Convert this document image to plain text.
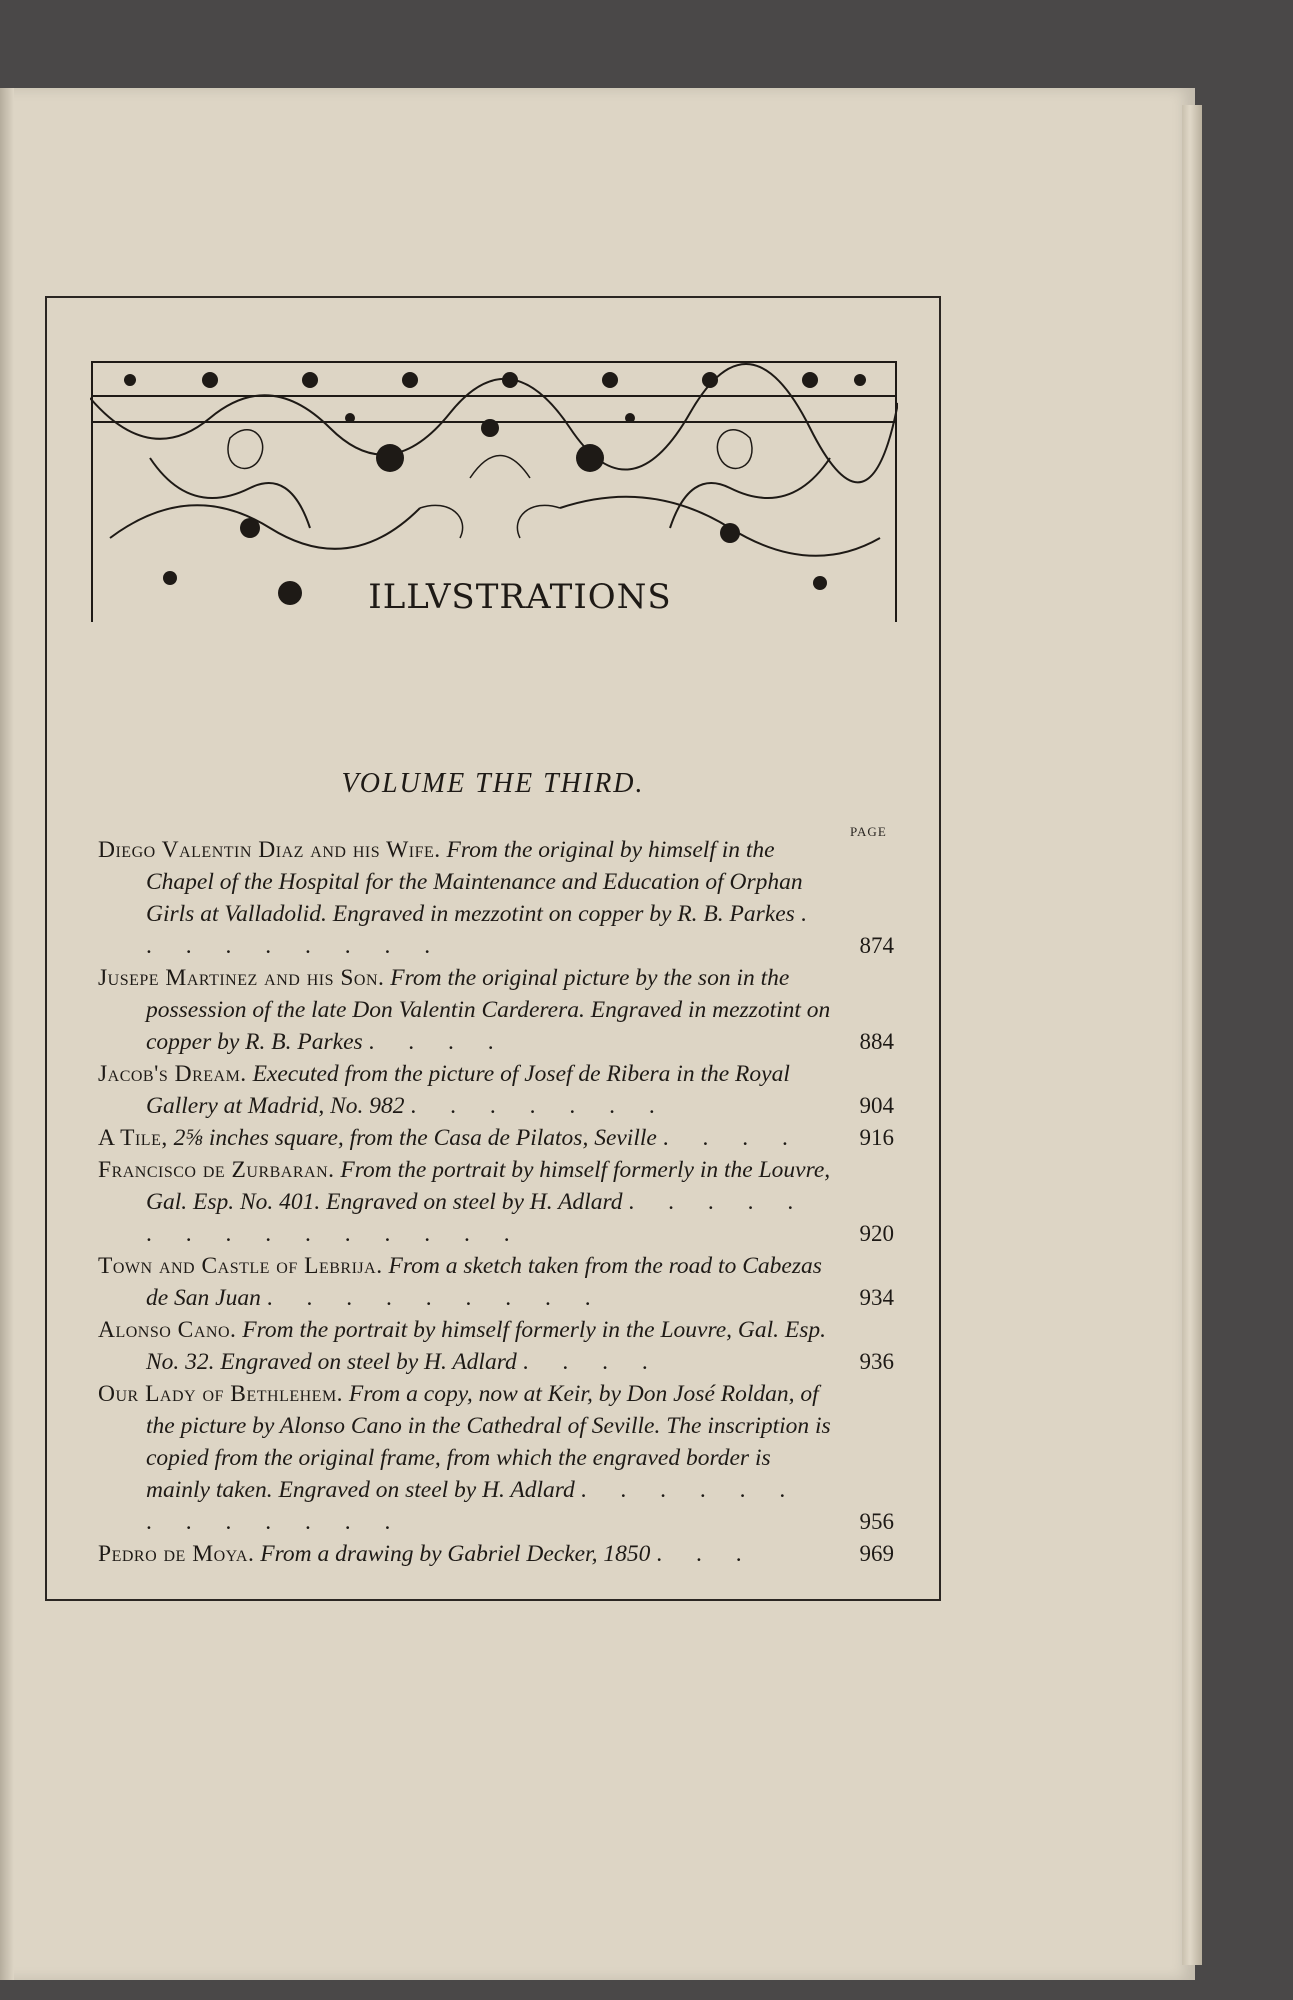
ILLVSTRATIONS
VOLUME THE THIRD.
PAGE
Diego Valentin Diaz and his Wife. From the original by himself in the Chapel of the Hospital for the Maintenance and Education of Orphan Girls at Valladolid. Engraved in mezzotint on copper by R. B. Parkes . . . . . . . . .	874
Jusepe Martinez and his Son. From the original picture by the son in the possession of the late Don Valentin Carderera. Engraved in mezzotint on copper by R. B. Parkes . . . .	884
Jacob's Dream. Executed from the picture of Josef de Ribera in the Royal Gallery at Madrid, No. 982 . . . . . . .	904
A Tile, 2⅝ inches square, from the Casa de Pilatos, Seville . . . .	916
Francisco de Zurbaran. From the portrait by himself formerly in the Louvre, Gal. Esp. No. 401. Engraved on steel by H. Adlard . . . . . . . . . . . . . . .	920
Town and Castle of Lebrija. From a sketch taken from the road to Cabezas de San Juan . . . . . . . . .	934
Alonso Cano. From the portrait by himself formerly in the Louvre, Gal. Esp. No. 32. Engraved on steel by H. Adlard . . . .	936
Our Lady of Bethlehem. From a copy, now at Keir, by Don José Roldan, of the picture by Alonso Cano in the Cathedral of Seville. The inscription is copied from the original frame, from which the engraved border is mainly taken. Engraved on steel by H. Adlard . . . . . . . . . . . . .	956
Pedro de Moya. From a drawing by Gabriel Decker, 1850 . . .	969
